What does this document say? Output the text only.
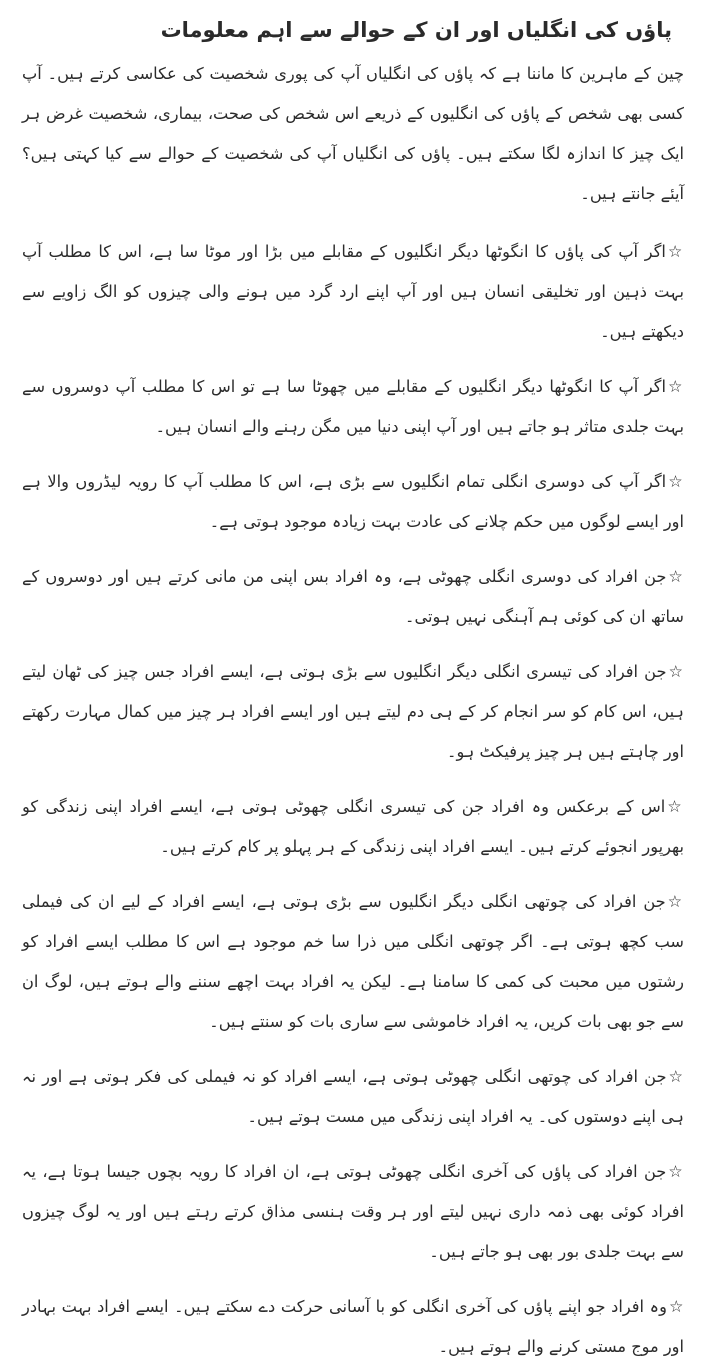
پاؤں کی انگلیاں اور ان کے حوالے سے اہم معلومات

چین کے ماہرین کا ماننا ہے کہ پاؤں کی انگلیاں آپ کی پوری شخصیت کی عکاسی کرتے ہیں۔ آپ کسی بھی شخص کے پاؤں کی انگلیوں کے ذریعے اس شخص کی صحت، بیماری، شخصیت غرض ہر ایک چیز کا اندازہ لگا سکتے ہیں۔ پاؤں کی انگلیاں آپ کی شخصیت کے حوالے سے کیا کہتی ہیں؟ آیئے جانتے ہیں۔

☆اگر آپ کی پاؤں کا انگوٹھا دیگر انگلیوں کے مقابلے میں بڑا اور موٹا سا ہے، اس کا مطلب آپ بہت ذہین اور تخلیقی انسان ہیں اور آپ اپنے ارد گرد میں ہونے والی چیزوں کو الگ زاویے سے دیکھتے ہیں۔

☆اگر آپ کا انگوٹھا دیگر انگلیوں کے مقابلے میں چھوٹا سا ہے تو اس کا مطلب آپ دوسروں سے بہت جلدی متاثر ہو جاتے ہیں اور آپ اپنی دنیا میں مگن رہنے والے انسان ہیں۔

☆اگر آپ کی دوسری انگلی تمام انگلیوں سے بڑی ہے، اس کا مطلب آپ کا رویہ لیڈروں والا ہے اور ایسے لوگوں میں حکم چلانے کی عادت بہت زیادہ موجود ہوتی ہے۔

☆جن افراد کی دوسری انگلی چھوٹی ہے، وہ افراد بس اپنی من مانی کرتے ہیں اور دوسروں کے ساتھ ان کی کوئی ہم آہنگی نہیں ہوتی۔

☆جن افراد کی تیسری انگلی دیگر انگلیوں سے بڑی ہوتی ہے، ایسے افراد جس چیز کی ٹھان لیتے ہیں، اس کام کو سر انجام کر کے ہی دم لیتے ہیں اور ایسے افراد ہر چیز میں کمال مہارت رکھتے اور چاہتے ہیں ہر چیز پرفیکٹ ہو۔

☆اس کے برعکس وہ افراد جن کی تیسری انگلی چھوٹی ہوتی ہے، ایسے افراد اپنی زندگی کو بھرپور انجوئے کرتے ہیں۔ ایسے افراد اپنی زندگی کے ہر پہلو پر کام کرتے ہیں۔

☆جن افراد کی چوتھی انگلی دیگر انگلیوں سے بڑی ہوتی ہے، ایسے افراد کے لیے ان کی فیملی سب کچھ ہوتی ہے۔ اگر چوتھی انگلی میں ذرا سا خم موجود ہے اس کا مطلب ایسے افراد کو رشتوں میں محبت کی کمی کا سامنا ہے۔ لیکن یہ افراد بہت اچھے سننے والے ہوتے ہیں، لوگ ان سے جو بھی بات کریں، یہ افراد خاموشی سے ساری بات کو سنتے ہیں۔

☆جن افراد کی چوتھی انگلی چھوٹی ہوتی ہے، ایسے افراد کو نہ فیملی کی فکر ہوتی ہے اور نہ ہی اپنے دوستوں کی۔ یہ افراد اپنی زندگی میں مست ہوتے ہیں۔

☆جن افراد کی پاؤں کی آخری انگلی چھوٹی ہوتی ہے، ان افراد کا رویہ بچوں جیسا ہوتا ہے، یہ افراد کوئی بھی ذمہ داری نہیں لیتے اور ہر وقت ہنسی مذاق کرتے رہتے ہیں اور یہ لوگ چیزوں سے بہت جلدی بور بھی ہو جاتے ہیں۔

☆وہ افراد جو اپنے پاؤں کی آخری انگلی کو با آسانی حرکت دے سکتے ہیں۔ ایسے افراد بہت بہادر اور موج مستی کرنے والے ہوتے ہیں۔
